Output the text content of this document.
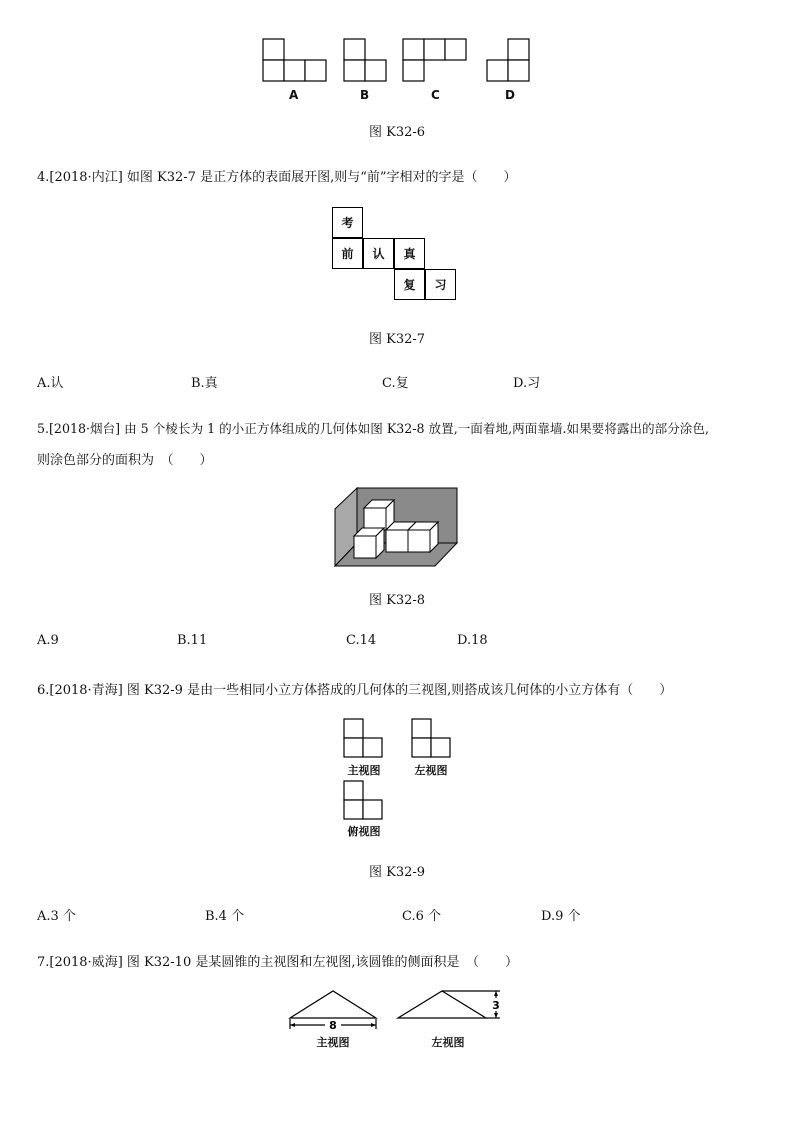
A	B	C	D
图 K32-6
4.[2018·内江] 如图 K32-7 是正方体的表面展开图,则与“前”字相对的字是（　　）
考
前	认	真
复	习
图 K32-7
A.认	B.真	C.复	D.习
5.[2018·烟台] 由 5 个棱长为 1 的小正方体组成的几何体如图 K32-8 放置,一面着地,两面靠墙.如果要将露出的部分涂色,
则涂色部分的面积为　（　　）
图 K32-8
A.9	B.11	C.14	D.18
6.[2018·青海] 图 K32-9 是由一些相同小立方体搭成的几何体的三视图,则搭成该几何体的小立方体有（　　）
主视图	左视图
俯视图
图 K32-9
A.3 个	B.4 个	C.6 个	D.9 个
7.[2018·威海] 图 K32-10 是某圆锥的主视图和左视图,该圆锥的侧面积是　（　　）
8
3
主视图	左视图
